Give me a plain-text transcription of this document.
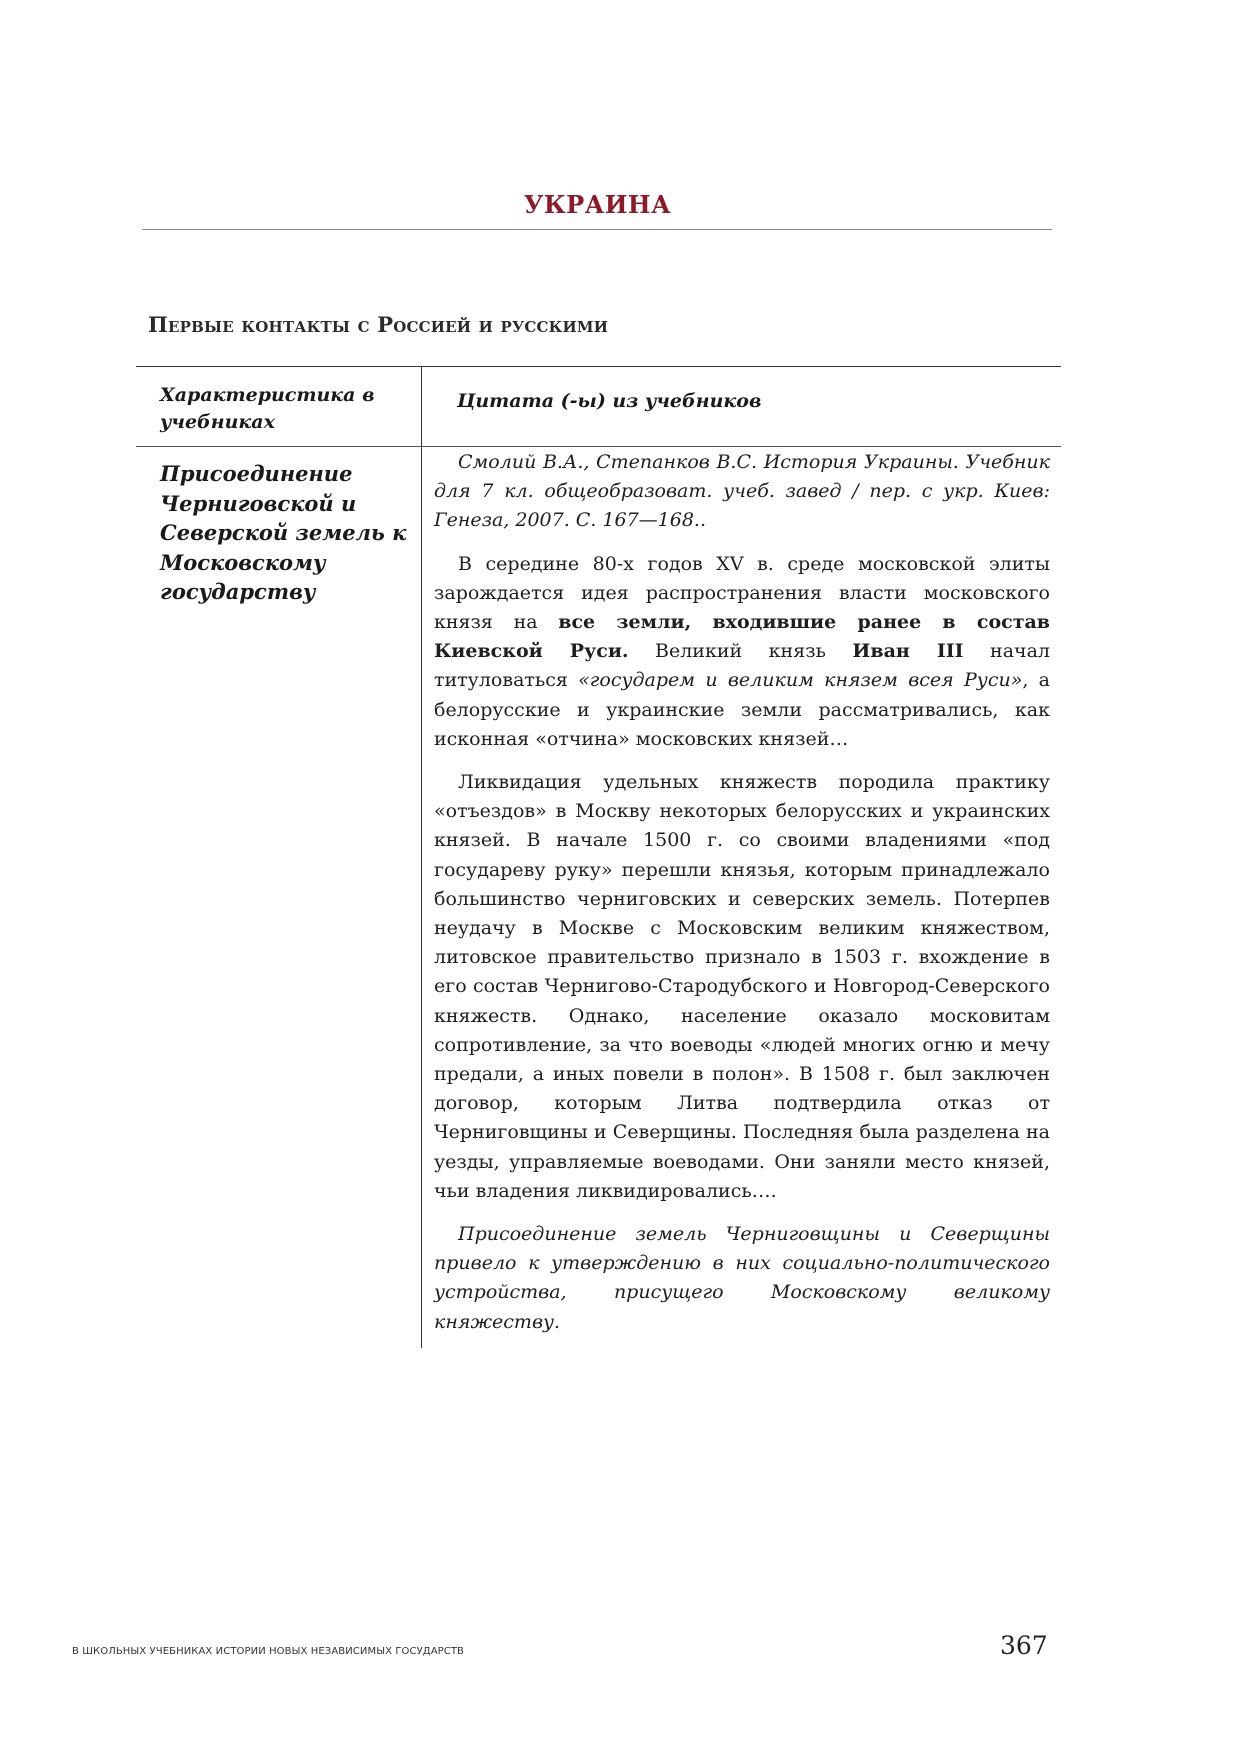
УКРАИНА
Первые контакты с Россией и русскими
Характеристика в учебниках
Цитата (-ы) из учебников
Присоединение Черниговской и Северской земель к Московскому государству

Смолий В.А., Степанков В.С. История Украины. Учебник для 7 кл. общеобразоват. учеб. завед / пер. с укр. Киев: Генеза, 2007. С. 167—168..

В середине 80-х годов XV в. среде московской элиты зарождается идея распространения власти московского князя на все земли, входившие ранее в состав Киевской Руси. Великий князь Иван III начал титуловаться «государем и великим князем всея Руси», а белорусские и украинские земли рассматривались, как исконная «отчина» московских князей…

Ликвидация удельных княжеств породила практику «отъездов» в Москву некоторых белорусских и украинских князей. В начале 1500 г. со своими владениями «под государеву руку» перешли князья, которым принадлежало большинство черниговских и северских земель. Потерпев неудачу в Москве с Московским великим княжеством, литовское правительство признало в 1503 г. вхождение в его состав Чернигово-Стародубского и Новгород-Северского княжеств. Однако, население оказало московитам сопротивление, за что воеводы «людей многих огню и мечу предали, а иных повели в полон». В 1508 г. был заключен договор, которым Литва подтвердила отказ от Черниговщины и Северщины. Последняя была разделена на уезды, управляемые воеводами. Они заняли место князей, чьи владения ликвидировались….

Присоединение земель Черниговщины и Северщины привело к утверждению в них социально-политического устройства, присущего Московскому великому княжеству.

В ШКОЛЬНЫХ УЧЕБНИКАХ ИСТОРИИ НОВЫХ НЕЗАВИСИМЫХ ГОСУДАРСТВ	367
